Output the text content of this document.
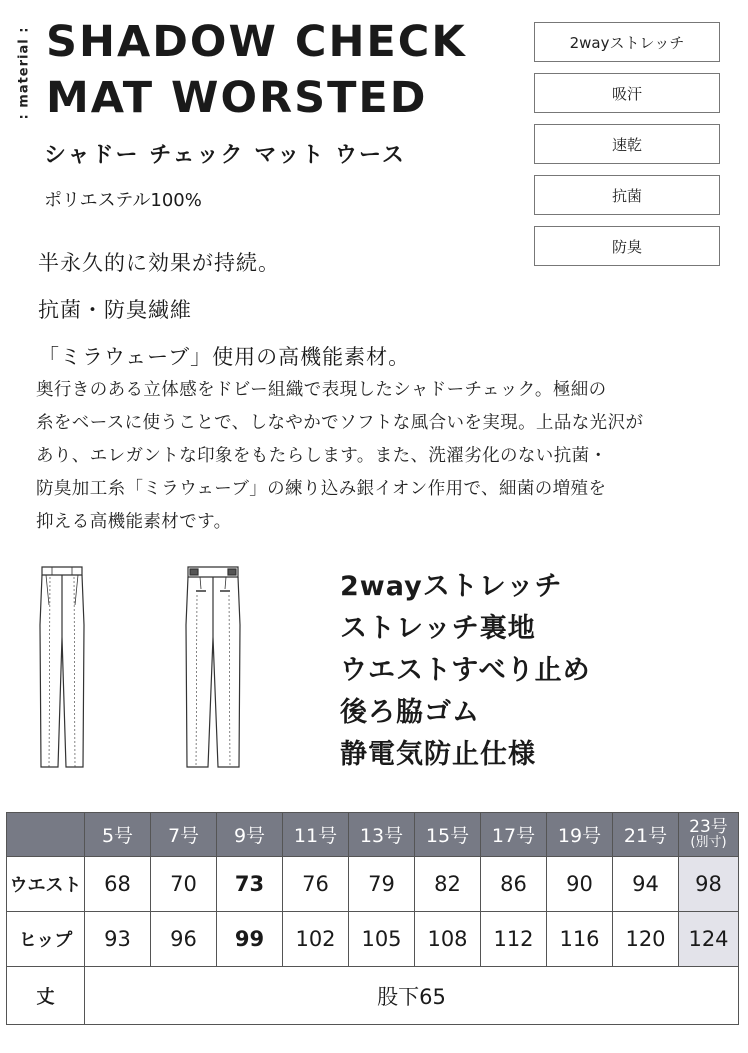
: material : SHADOW CHECK
MAT WORSTED
シャドー チェック マット ウース
ポリエステル100%
半永久的に効果が持続。
抗菌・防臭繊維
「ミラウェーブ」使用の高機能素材。
2wayストレッチ
吸汗
速乾
抗菌
防臭
奥行きのある立体感をドビー組織で表現したシャドーチェック。極細の
糸をベースに使うことで、しなやかでソフトな風合いを実現。上品な光沢が
あり、エレガントな印象をもたらします。また、洗濯劣化のない抗菌・
防臭加工糸「ミラウェーブ」の練り込み銀イオン作用で、細菌の増殖を
抑える高機能素材です。
2wayストレッチ
ストレッチ裏地
ウエストすべり止め
後ろ脇ゴム
静電気防止仕様
	5号	7号	9号	11号	13号	15号	17号	19号	21号	23号
(別寸)

ウエスト	68	70	73	76	79	82	86	90	94	98
ヒップ	93	96	99	102	105	108	112	116	120	124
丈	股下65									
